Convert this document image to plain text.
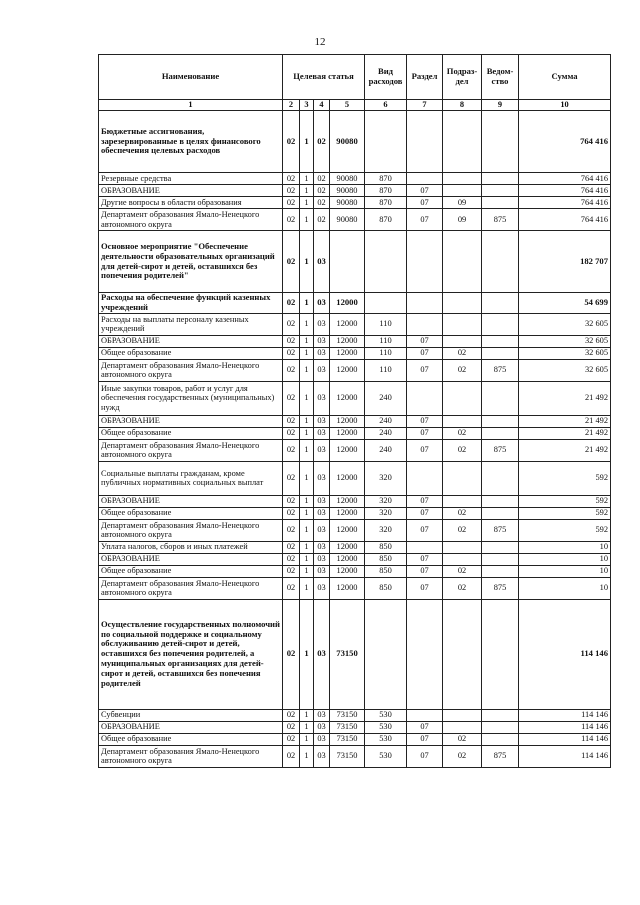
12
Наименование	Целевая статья				Вид расходов	Раздел	Подраз-дел	Ведом-ство	Сумма
1	2	3	4	5	6	7	8	9	10
Бюджетные ассигнования, зарезервированные в целях финансового обеспечения целевых расходов	02	1	02	90080					764 416
Резервные средства	02	1	02	90080	870				764 416
ОБРАЗОВАНИЕ	02	1	02	90080	870	07			764 416
Другие вопросы в области образования	02	1	02	90080	870	07	09		764 416
Департамент образования Ямало-Ненецкого автономного округа	02	1	02	90080	870	07	09	875	764 416
Основное мероприятие "Обеспечение деятельности образовательных организаций для детей-сирот и детей, оставшихся без попечения родителей"	02	1	03						182 707
Расходы на обеспечение функций казенных учреждений	02	1	03	12000					54 699
Расходы на выплаты персоналу казенных учреждений	02	1	03	12000	110				32 605
ОБРАЗОВАНИЕ	02	1	03	12000	110	07			32 605
Общее образование	02	1	03	12000	110	07	02		32 605
Департамент образования Ямало-Ненецкого автономного округа	02	1	03	12000	110	07	02	875	32 605
Иные закупки товаров, работ и услуг для обеспечения государственных (муниципальных) нужд	02	1	03	12000	240				21 492
ОБРАЗОВАНИЕ	02	1	03	12000	240	07			21 492
Общее образование	02	1	03	12000	240	07	02		21 492
Департамент образования Ямало-Ненецкого автономного округа	02	1	03	12000	240	07	02	875	21 492
Социальные выплаты гражданам, кроме публичных нормативных социальных выплат	02	1	03	12000	320				592
ОБРАЗОВАНИЕ	02	1	03	12000	320	07			592
Общее образование	02	1	03	12000	320	07	02		592
Департамент образования Ямало-Ненецкого автономного округа	02	1	03	12000	320	07	02	875	592
Уплата налогов, сборов и иных платежей	02	1	03	12000	850				10
ОБРАЗОВАНИЕ	02	1	03	12000	850	07			10
Общее образование	02	1	03	12000	850	07	02		10
Департамент образования Ямало-Ненецкого автономного округа	02	1	03	12000	850	07	02	875	10
Осуществление государственных полномочий по социальной поддержке и социальному обслуживанию детей-сирот и детей, оставшихся без попечения родителей, а муниципальных организациях для детей-сирот и детей, оставшихся без попечения родителей	02	1	03	73150					114 146
Субвенции	02	1	03	73150	530				114 146
ОБРАЗОВАНИЕ	02	1	03	73150	530	07			114 146
Общее образование	02	1	03	73150	530	07	02		114 146
Департамент образования Ямало-Ненецкого автономного округа	02	1	03	73150	530	07	02	875	114 146
